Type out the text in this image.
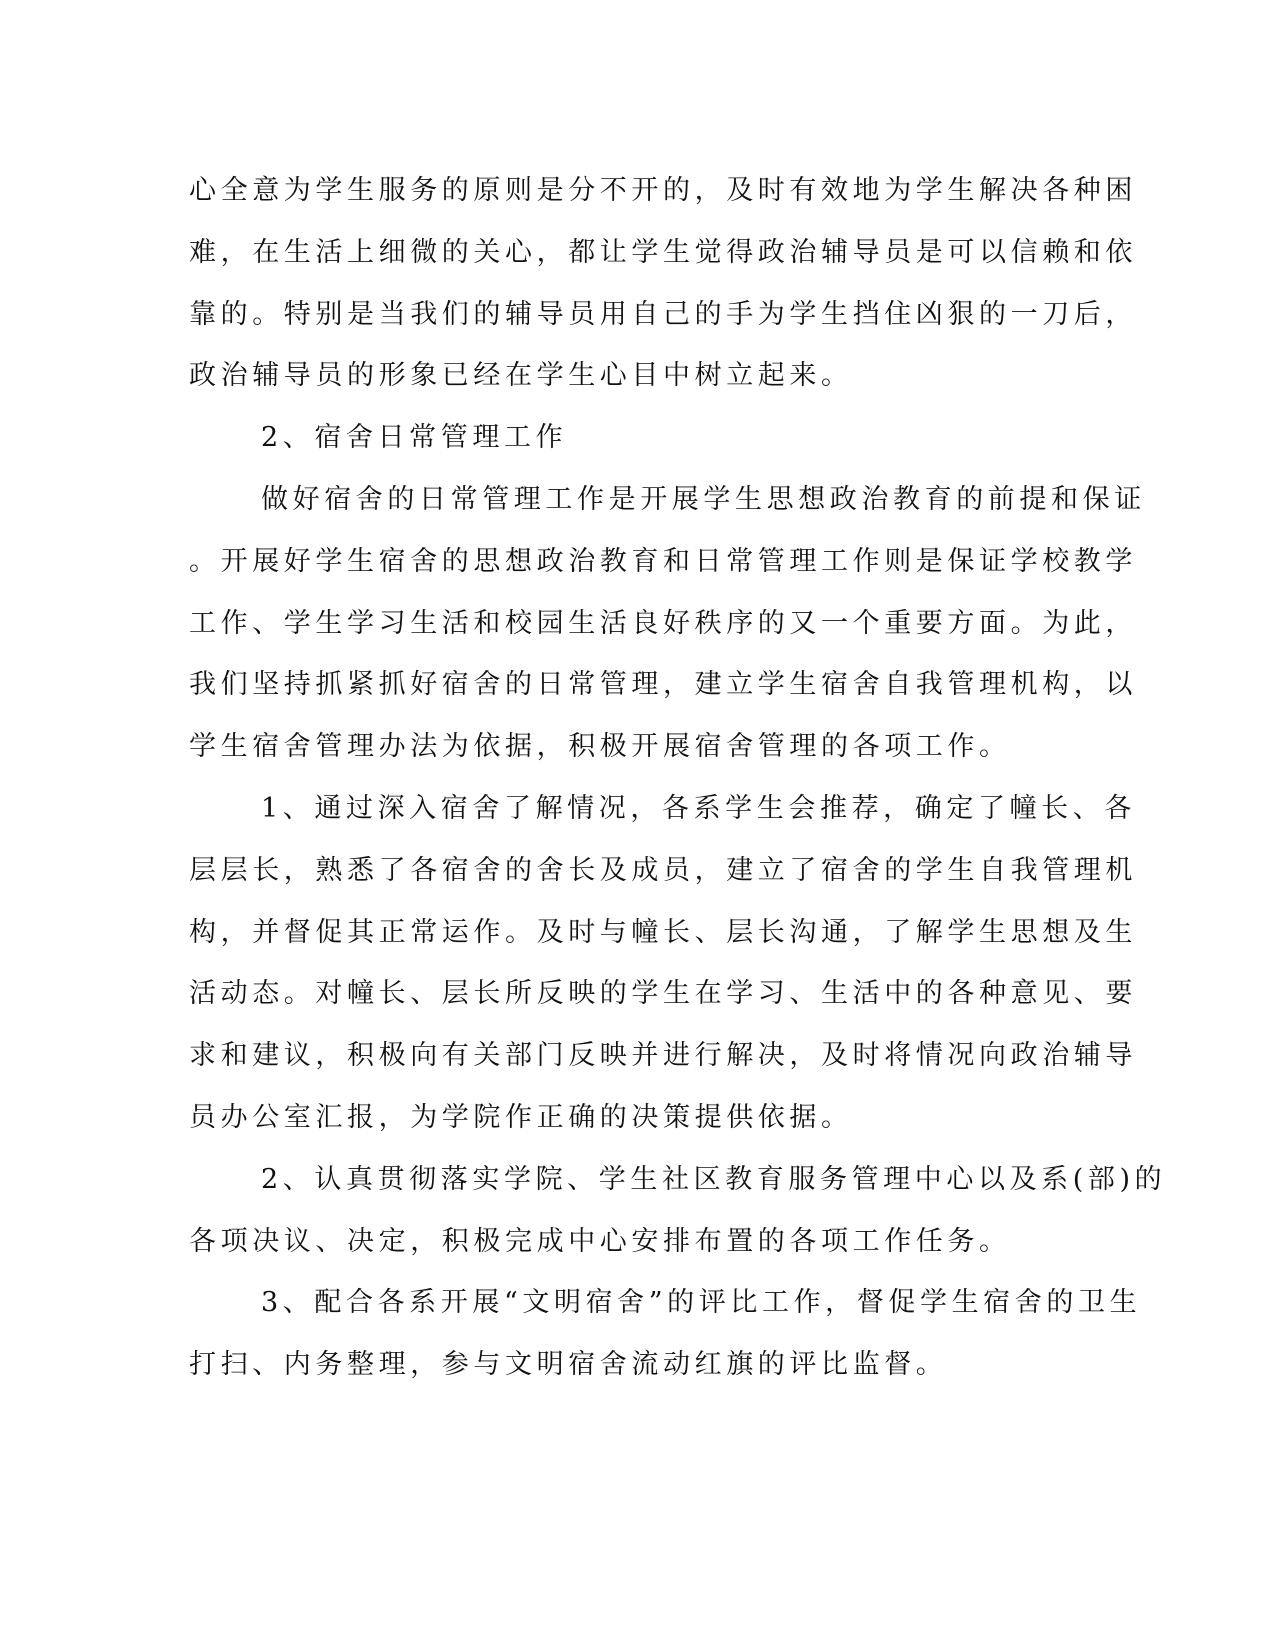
心全意为学生服务的原则是分不开的，及时有效地为学生解决各种困
难，在生活上细微的关心，都让学生觉得政治辅导员是可以信赖和依
靠的。特别是当我们的辅导员用自己的手为学生挡住凶狠的一刀后，
政治辅导员的形象已经在学生心目中树立起来。
2、宿舍日常管理工作
做好宿舍的日常管理工作是开展学生思想政治教育的前提和保证
。开展好学生宿舍的思想政治教育和日常管理工作则是保证学校教学
工作、学生学习生活和校园生活良好秩序的又一个重要方面。为此，
我们坚持抓紧抓好宿舍的日常管理，建立学生宿舍自我管理机构，以
学生宿舍管理办法为依据，积极开展宿舍管理的各项工作。
1、通过深入宿舍了解情况，各系学生会推荐，确定了幢长、各
层层长，熟悉了各宿舍的舍长及成员，建立了宿舍的学生自我管理机
构，并督促其正常运作。及时与幢长、层长沟通，了解学生思想及生
活动态。对幢长、层长所反映的学生在学习、生活中的各种意见、要
求和建议，积极向有关部门反映并进行解决，及时将情况向政治辅导
员办公室汇报，为学院作正确的决策提供依据。
2、认真贯彻落实学院、学生社区教育服务管理中心以及系(部)的
各项决议、决定，积极完成中心安排布置的各项工作任务。
3、配合各系开展“文明宿舍”的评比工作，督促学生宿舍的卫生
打扫、内务整理，参与文明宿舍流动红旗的评比监督。
